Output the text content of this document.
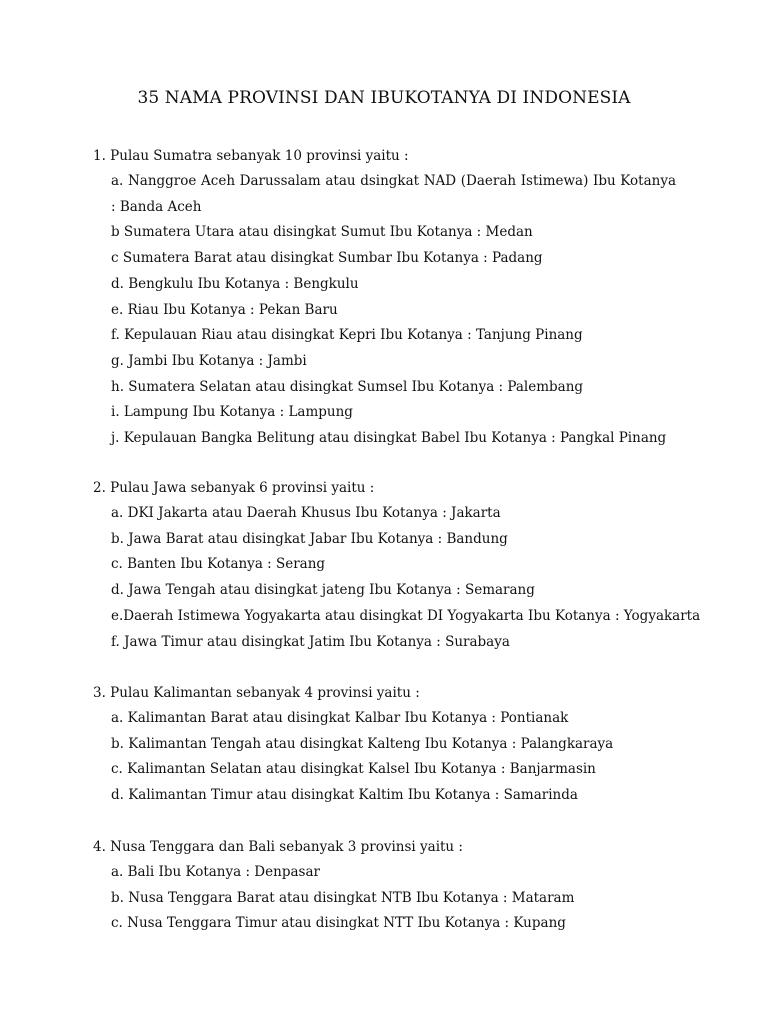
35 NAMA PROVINSI DAN IBUKOTANYA DI INDONESIA
1. Pulau Sumatra sebanyak 10 provinsi yaitu :
a. Nanggroe Aceh Darussalam atau dsingkat NAD (Daerah Istimewa) Ibu Kotanya : Banda Aceh
b Sumatera Utara atau disingkat Sumut Ibu Kotanya : Medan
c Sumatera Barat atau disingkat Sumbar Ibu Kotanya : Padang
d. Bengkulu Ibu Kotanya : Bengkulu
e. Riau Ibu Kotanya : Pekan Baru
f. Kepulauan Riau atau disingkat Kepri Ibu Kotanya : Tanjung Pinang
g. Jambi Ibu Kotanya : Jambi
h. Sumatera Selatan atau disingkat Sumsel Ibu Kotanya : Palembang
i. Lampung Ibu Kotanya : Lampung
j. Kepulauan Bangka Belitung atau disingkat Babel Ibu Kotanya : Pangkal Pinang
2. Pulau Jawa sebanyak 6 provinsi yaitu :
a. DKI Jakarta atau Daerah Khusus Ibu Kotanya : Jakarta
b. Jawa Barat atau disingkat Jabar Ibu Kotanya : Bandung
c. Banten Ibu Kotanya : Serang
d. Jawa Tengah atau disingkat jateng Ibu Kotanya : Semarang
e.Daerah Istimewa Yogyakarta atau disingkat DI Yogyakarta Ibu Kotanya : Yogyakarta
f. Jawa Timur atau disingkat Jatim Ibu Kotanya : Surabaya
3. Pulau Kalimantan sebanyak 4 provinsi yaitu :
a. Kalimantan Barat atau disingkat Kalbar Ibu Kotanya : Pontianak
b. Kalimantan Tengah atau disingkat Kalteng Ibu Kotanya : Palangkaraya
c. Kalimantan Selatan atau disingkat Kalsel Ibu Kotanya : Banjarmasin
d. Kalimantan Timur atau disingkat Kaltim Ibu Kotanya : Samarinda
4. Nusa Tenggara dan Bali sebanyak 3 provinsi yaitu :
a. Bali Ibu Kotanya : Denpasar
b. Nusa Tenggara Barat atau disingkat NTB Ibu Kotanya : Mataram
c. Nusa Tenggara Timur atau disingkat NTT Ibu Kotanya : Kupang
